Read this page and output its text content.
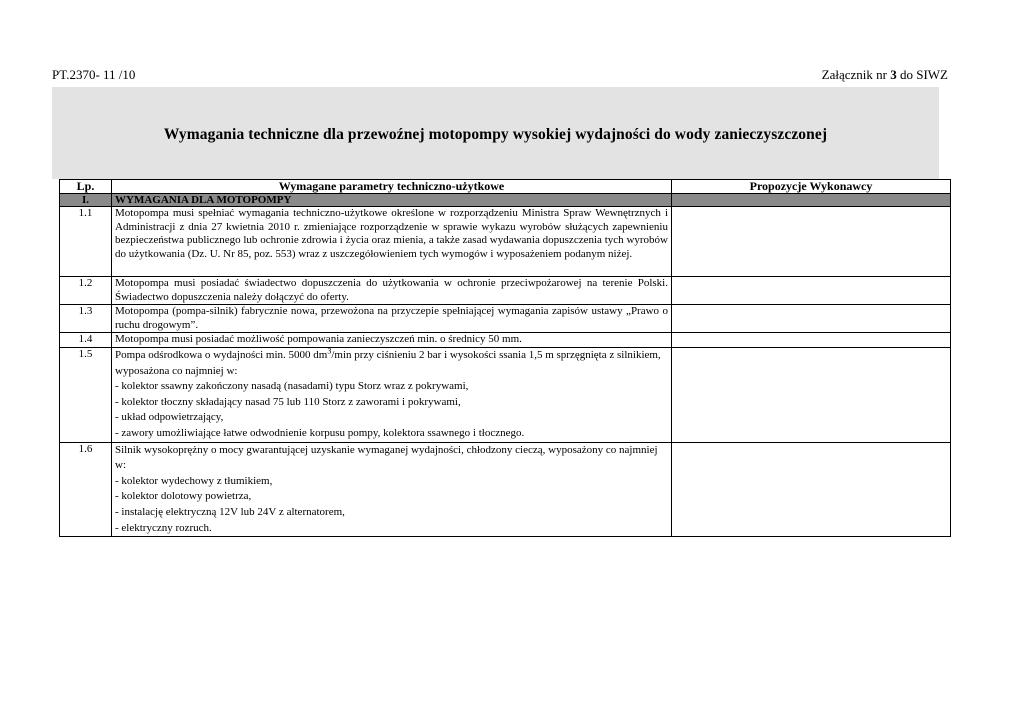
PT.2370- 11 /10	Załącznik nr 3 do SIWZ
Wymagania techniczne dla przewoźnej motopompy wysokiej wydajności do wody zanieczyszczonej
Lp.	Wymagane parametry techniczno-użytkowe	Propozycje Wykonawcy
I.	WYMAGANIA DLA MOTOPOMPY	
1.1	Motopompa musi spełniać wymagania techniczno-użytkowe określone w rozporządzeniu Ministra Spraw Wewnętrznych i Administracji z dnia 27 kwietnia 2010 r. zmieniające rozporządzenie w sprawie wykazu wyrobów służących zapewnieniu bezpieczeństwa publicznego lub ochronie zdrowia i życia oraz mienia, a także zasad wydawania dopuszczenia tych wyrobów do użytkowania (Dz. U. Nr 85, poz. 553) wraz z uszczegółowieniem tych wymogów i wyposażeniem podanym niżej.	
1.2	Motopompa musi posiadać świadectwo dopuszczenia do użytkowania w ochronie przeciwpożarowej na terenie Polski. Świadectwo dopuszczenia należy dołączyć do oferty.	
1.3	Motopompa (pompa-silnik) fabrycznie nowa, przewożona na przyczepie spełniającej wymagania zapisów ustawy „Prawo o ruchu drogowym”.	
1.4	Motopompa musi posiadać możliwość pompowania zanieczyszczeń min. o średnicy 50 mm.	
1.5	Pompa odśrodkowa o wydajności min. 5000 $dm^3/\min$ przy ciśnieniu 2 bar i wysokości ssania 1,5 m sprzęgnięta z silnikiem, wyposażona co najmniej w:
- kolektor ssawny zakończony nasadą (nasadami) typu Storz wraz z pokrywami,
- kolektor tłoczny składający nasad 75 lub 110 Storz z zaworami i pokrywami,
- układ odpowietrzający,
- zawory umożliwiające łatwe odwodnienie korpusu pompy, kolektora ssawnego i tłocznego.	

1.6	Silnik wysokoprężny o mocy gwarantującej uzyskanie wymaganej wydajności, chłodzony cieczą, wyposażony co najmniej w:
- kolektor wydechowy z tłumikiem,
- kolektor dolotowy powietrza,
- instalację elektryczną 12V lub 24V z alternatorem,
- elektryczny rozruch.	
